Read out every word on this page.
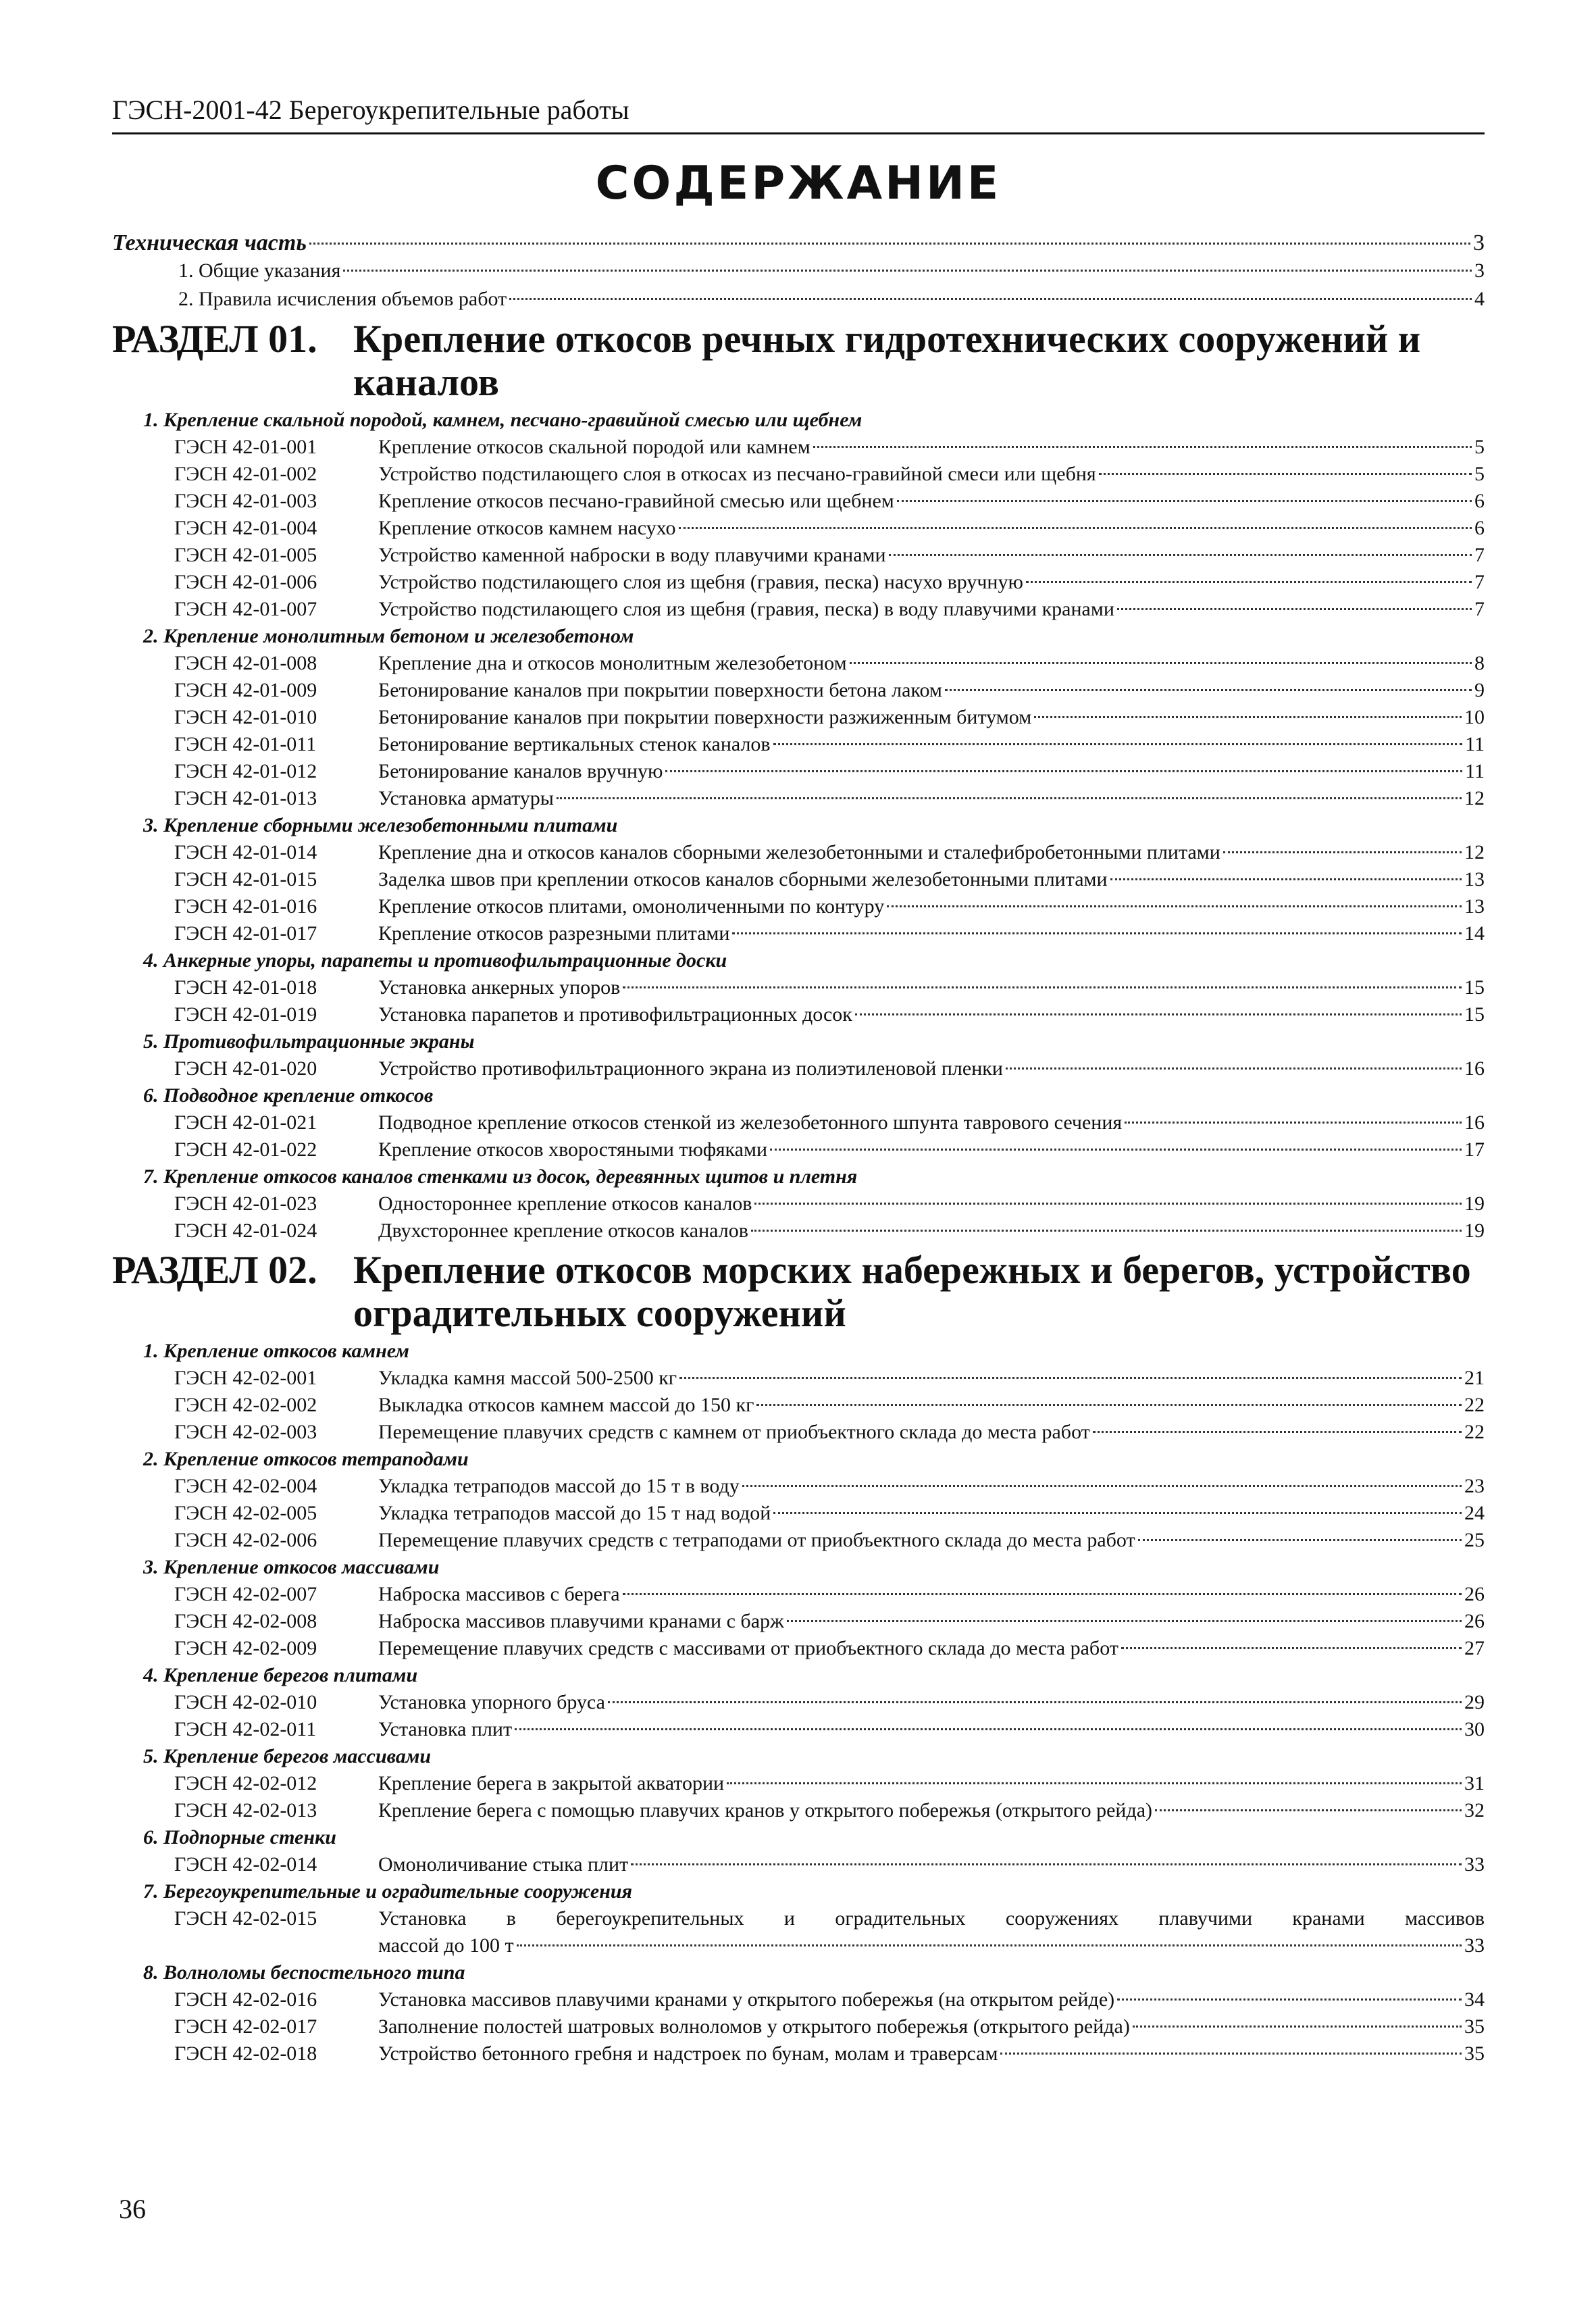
ГЭСН-2001-42 Берегоукрепительные работы
СОДЕРЖАНИЕ
Техническая часть	3
1. Общие указания	3
2. Правила исчисления объемов работ	4
РАЗДЕЛ 01. Крепление откосов речных гидротехнических сооружений и каналов
1. Крепление скальной породой, камнем, песчано-гравийной смесью или щебнем
ГЭСН 42-01-001	Крепление откосов скальной породой или камнем	5
ГЭСН 42-01-002	Устройство подстилающего слоя в откосах из песчано-гравийной смеси или щебня	5
ГЭСН 42-01-003	Крепление откосов песчано-гравийной смесью или щебнем	6
ГЭСН 42-01-004	Крепление откосов камнем насухо	6
ГЭСН 42-01-005	Устройство каменной наброски в воду плавучими кранами	7
ГЭСН 42-01-006	Устройство подстилающего слоя из щебня (гравия, песка) насухо вручную	7
ГЭСН 42-01-007	Устройство подстилающего слоя из щебня (гравия, песка) в воду плавучими кранами	7
2. Крепление монолитным бетоном и железобетоном
ГЭСН 42-01-008	Крепление дна и откосов монолитным железобетоном	8
ГЭСН 42-01-009	Бетонирование каналов при покрытии поверхности бетона лаком	9
ГЭСН 42-01-010	Бетонирование каналов при покрытии поверхности разжиженным битумом	10
ГЭСН 42-01-011	Бетонирование вертикальных стенок каналов	11
ГЭСН 42-01-012	Бетонирование каналов вручную	11
ГЭСН 42-01-013	Установка арматуры	12
3. Крепление сборными железобетонными плитами
ГЭСН 42-01-014	Крепление дна и откосов каналов сборными железобетонными и сталефибробетонными плитами	12
ГЭСН 42-01-015	Заделка швов при креплении откосов каналов сборными железобетонными плитами	13
ГЭСН 42-01-016	Крепление откосов плитами, омоноличенными по контуру	13
ГЭСН 42-01-017	Крепление откосов разрезными плитами	14
4. Анкерные упоры, парапеты и противофильтрационные доски
ГЭСН 42-01-018	Установка анкерных упоров	15
ГЭСН 42-01-019	Установка парапетов и противофильтрационных досок	15
5. Противофильтрационные экраны
ГЭСН 42-01-020	Устройство противофильтрационного экрана из полиэтиленовой пленки	16
6. Подводное крепление откосов
ГЭСН 42-01-021	Подводное крепление откосов стенкой из железобетонного шпунта таврового сечения	16
ГЭСН 42-01-022	Крепление откосов хворостяными тюфяками	17
7. Крепление откосов каналов стенками из досок, деревянных щитов и плетня
ГЭСН 42-01-023	Одностороннее крепление откосов каналов	19
ГЭСН 42-01-024	Двухстороннее крепление откосов каналов	19
РАЗДЕЛ 02. Крепление откосов морских набережных и берегов, устройство оградительных сооружений
1. Крепление откосов камнем
ГЭСН 42-02-001	Укладка камня массой 500-2500 кг	21
ГЭСН 42-02-002	Выкладка откосов камнем массой до 150 кг	22
ГЭСН 42-02-003	Перемещение плавучих средств с камнем от приобъектного склада до места работ	22
2. Крепление откосов тетраподами
ГЭСН 42-02-004	Укладка тетраподов массой до 15 т в воду	23
ГЭСН 42-02-005	Укладка тетраподов массой до 15 т над водой	24
ГЭСН 42-02-006	Перемещение плавучих средств с тетраподами от приобъектного склада до места работ	25
3. Крепление откосов массивами
ГЭСН 42-02-007	Наброска массивов с берега	26
ГЭСН 42-02-008	Наброска массивов плавучими кранами с барж	26
ГЭСН 42-02-009	Перемещение плавучих средств с массивами от приобъектного склада до места работ	27
4. Крепление берегов плитами
ГЭСН 42-02-010	Установка упорного бруса	29
ГЭСН 42-02-011	Установка плит	30
5. Крепление берегов массивами
ГЭСН 42-02-012	Крепление берега в закрытой акватории	31
ГЭСН 42-02-013	Крепление берега с помощью плавучих кранов у открытого побережья (открытого рейда)	32
6. Подпорные стенки
ГЭСН 42-02-014	Омоноличивание стыка плит	33
7. Берегоукрепительные и оградительные сооружения
ГЭСН 42-02-015	Установка в берегоукрепительных и оградительных сооружениях плавучими кранами массивов
массой до 100 т	33
8. Волноломы беспостельного типа
ГЭСН 42-02-016	Установка массивов плавучими кранами у открытого побережья (на открытом рейде)	34
ГЭСН 42-02-017	Заполнение полостей шатровых волноломов у открытого побережья (открытого рейда)	35
ГЭСН 42-02-018	Устройство бетонного гребня и надстроек по бунам, молам и траверсам	35
36
